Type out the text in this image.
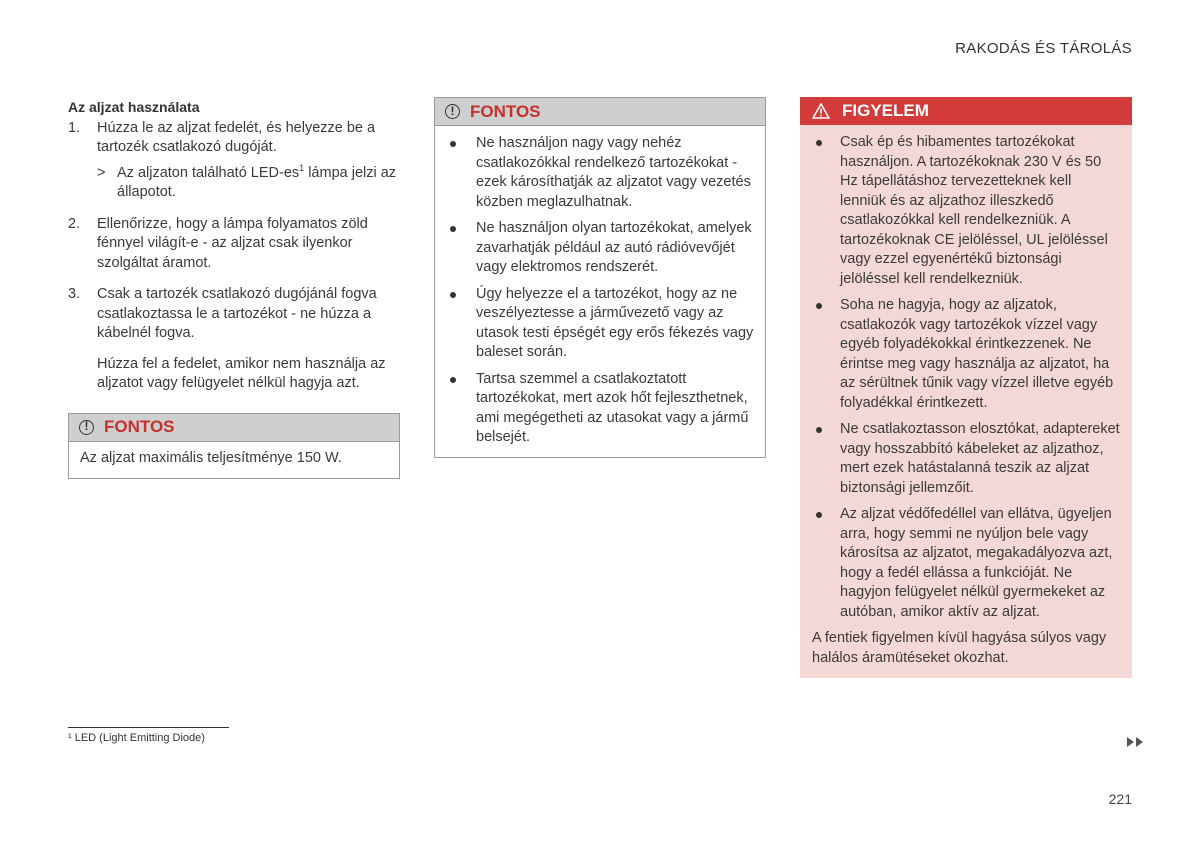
RAKODÁS ÉS TÁROLÁS
Az aljzat használata
1. Húzza le az aljzat fedelét, és helyezze be a tartozék csatlakozó dugóját.
> Az aljzaton található LED-$es^1$ lámpa jelzi az állapotot.
2. Ellenőrizze, hogy a lámpa folyamatos zöld fénnyel világít-e - az aljzat csak ilyenkor szolgáltat áramot.
3. Csak a tartozék csatlakozó dugójánál fogva csatlakoztassa le a tartozékot - ne húzza a kábelnél fogva.
Húzza fel a fedelet, amikor nem használja az aljzatot vagy felügyelet nélkül hagyja azt.
! FONTOS
Az aljzat maximális teljesítménye 150 W.
! FONTOS
Ne használjon nagy vagy nehéz csatlakozókkal rendelkező tartozékokat - ezek károsíthatják az aljzatot vagy vezetés közben meglazulhatnak.
Ne használjon olyan tartozékokat, amelyek zavarhatják például az autó rádióvevőjét vagy elektromos rendszerét.
Úgy helyezze el a tartozékot, hogy az ne veszélyeztesse a járművezető vagy az utasok testi épségét egy erős fékezés vagy baleset során.
Tartsa szemmel a csatlakoztatott tartozékokat, mert azok hőt fejleszthetnek, ami megégetheti az utasokat vagy a jármű belsejét.
FIGYELEM
Csak ép és hibamentes tartozékokat használjon. A tartozékoknak 230 V és 50 Hz tápellátáshoz tervezetteknek kell lenniük és az aljzathoz illeszkedő csatlakozókkal kell rendelkezniük. A tartozékoknak CE jelöléssel, UL jelöléssel vagy ezzel egyenértékű biztonsági jelöléssel kell rendelkezniük.
Soha ne hagyja, hogy az aljzatok, csatlakozók vagy tartozékok vízzel vagy egyéb folyadékokkal érintkezzenek. Ne érintse meg vagy használja az aljzatot, ha az sérültnek tűnik vagy vízzel illetve egyéb folyadékkal érintkezett.
Ne csatlakoztasson elosztókat, adaptereket vagy hosszabbító kábeleket az aljzathoz, mert ezek hatástalanná teszik az aljzat biztonsági jellemzőit.
Az aljzat védőfedéllel van ellátva, ügyeljen arra, hogy semmi ne nyúljon bele vagy károsítsa az aljzatot, megakadályozva azt, hogy a fedél ellássa a funkcióját. Ne hagyjon felügyelet nélkül gyermekeket az autóban, amikor aktív az aljzat.
A fentiek figyelmen kívül hagyása súlyos vagy halálos áramütéseket okozhat.
¹ LED (Light Emitting Diode)
221
